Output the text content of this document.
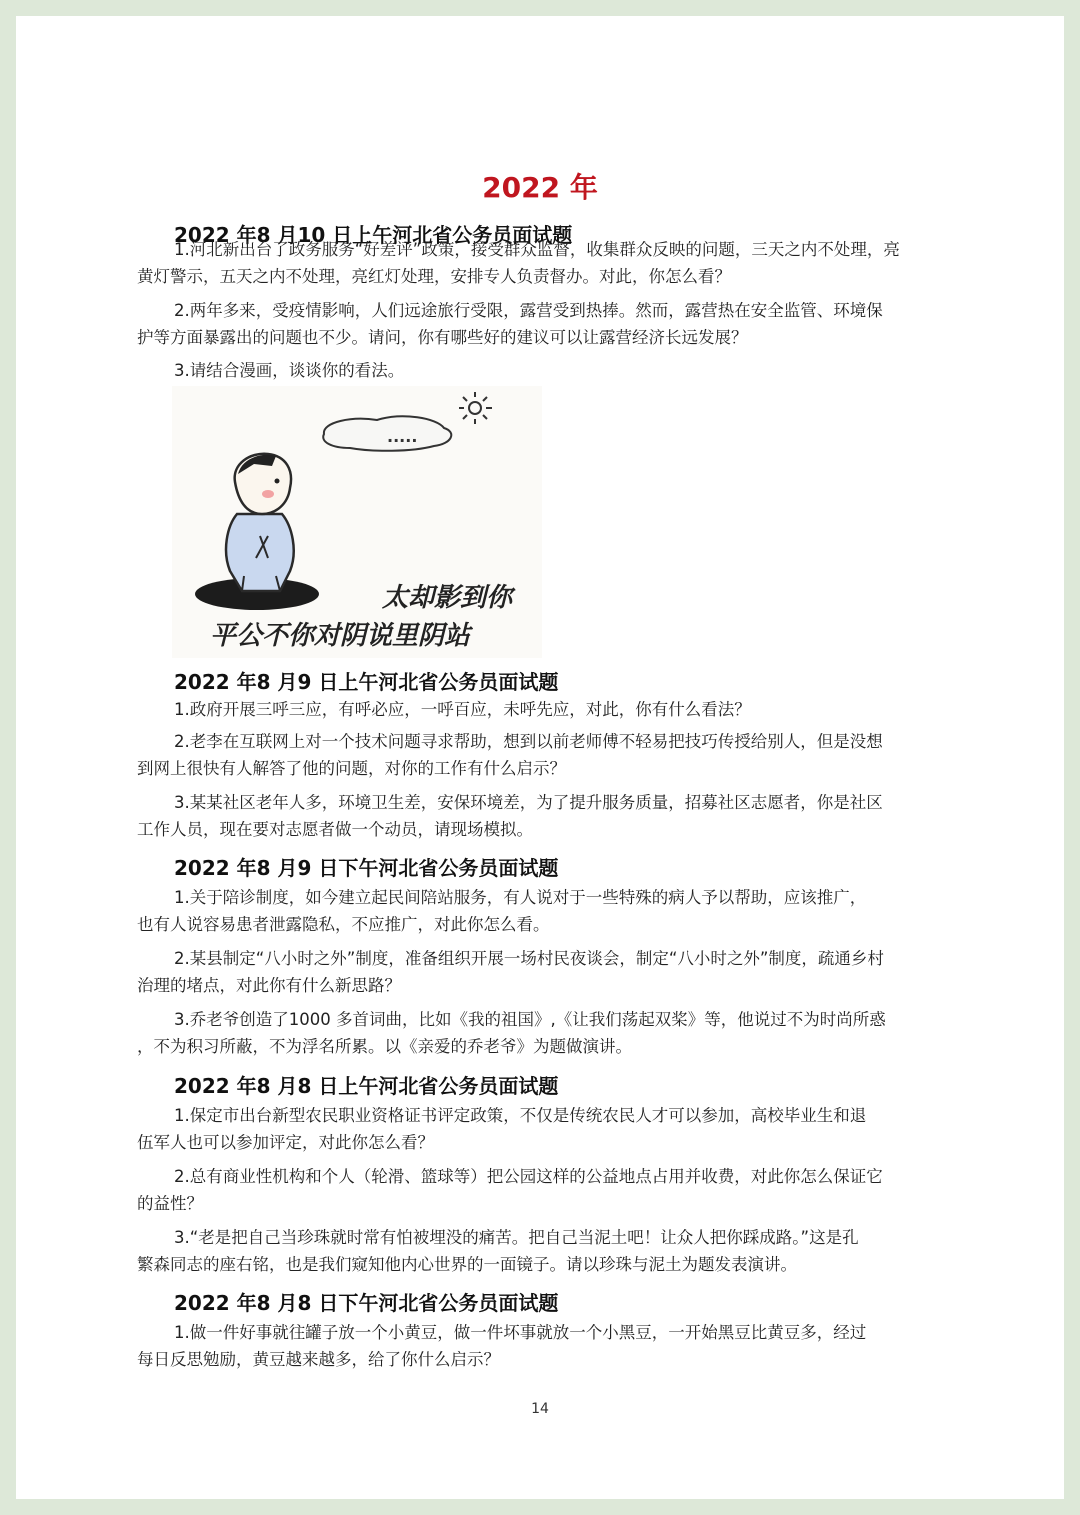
2022 年
2022 年8 月10 日上午河北省公务员面试题
1.河北新出台了政务服务“好差评”政策，接受群众监督，收集群众反映的问题，三天之内不处理，亮
黄灯警示，五天之内不处理，亮红灯处理，安排专人负责督办。对此，你怎么看？
2.两年多来，受疫情影响，人们远途旅行受限，露营受到热捧。然而，露营热在安全监管、环境保
护等方面暴露出的问题也不少。请问，你有哪些好的建议可以让露营经济长远发展？
3.请结合漫画，谈谈你的看法。
.....
太却影到你
平公不你对阴说里阴站
2022 年8 月9 日上午河北省公务员面试题
1.政府开展三呼三应，有呼必应，一呼百应，未呼先应，对此，你有什么看法？
2.老李在互联网上对一个技术问题寻求帮助，想到以前老师傅不轻易把技巧传授给别人，但是没想
到网上很快有人解答了他的问题，对你的工作有什么启示？
3.某某社区老年人多，环境卫生差，安保环境差，为了提升服务质量，招募社区志愿者，你是社区
工作人员，现在要对志愿者做一个动员，请现场模拟。
2022 年8 月9 日下午河北省公务员面试题
1.关于陪诊制度，如今建立起民间陪站服务，有人说对于一些特殊的病人予以帮助，应该推广，
也有人说容易患者泄露隐私，不应推广，对此你怎么看。
2.某县制定“八小时之外”制度，准备组织开展一场村民夜谈会，制定“八小时之外”制度，疏通乡村
治理的堵点，对此你有什么新思路？
3.乔老爷创造了1000 多首词曲，比如《我的祖国》,《让我们荡起双桨》等，他说过不为时尚所惑
，不为积习所蔽，不为浮名所累。以《亲爱的乔老爷》为题做演讲。
2022 年8 月8 日上午河北省公务员面试题
1.保定市出台新型农民职业资格证书评定政策，不仅是传统农民人才可以参加，高校毕业生和退
伍军人也可以参加评定，对此你怎么看？
2.总有商业性机构和个人（轮滑、篮球等）把公园这样的公益地点占用并收费，对此你怎么保证它
的益性？
3.“老是把自己当珍珠就时常有怕被埋没的痛苦。把自己当泥土吧！让众人把你踩成路。”这是孔
繁森同志的座右铭，也是我们窥知他内心世界的一面镜子。请以珍珠与泥土为题发表演讲。
2022 年8 月8 日下午河北省公务员面试题
1.做一件好事就往罐子放一个小黄豆，做一件坏事就放一个小黑豆，一开始黑豆比黄豆多，经过
每日反思勉励，黄豆越来越多，给了你什么启示？
14
